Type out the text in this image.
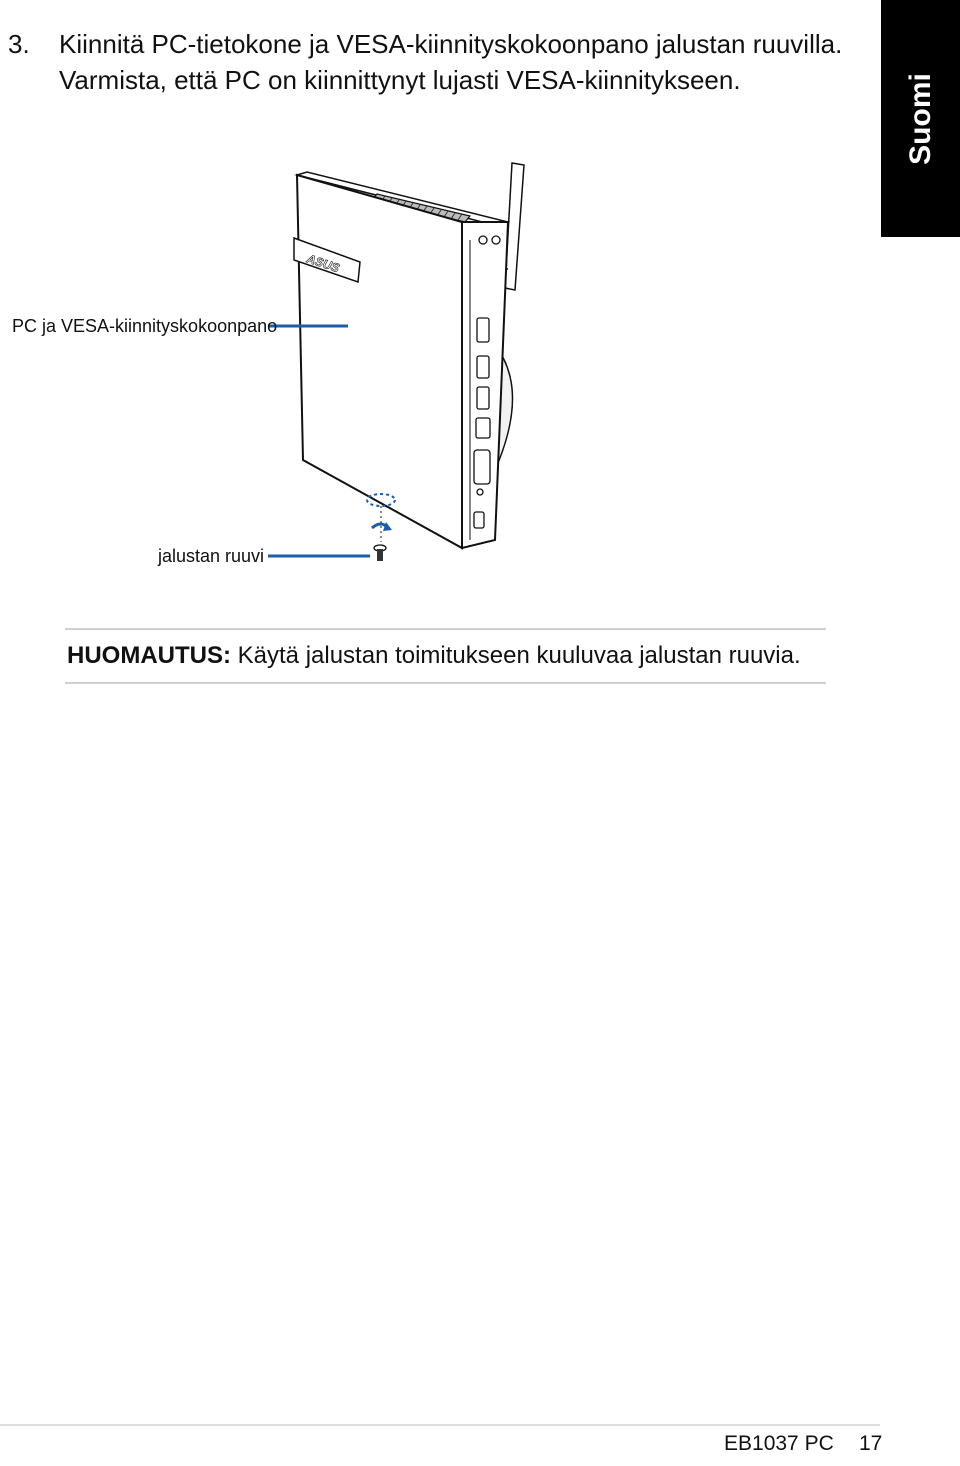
3. Kiinnitä PC-tietokone ja VESA-kiinnityskokoonpano jalustan ruuvilla. Varmista, että PC on kiinnittynyt lujasti VESA-kiinnitykseen.	Suomi
ASUS
PC ja VESA-kiinnityskokoonpano
jalustan ruuvi
HUOMAUTUS: Käytä jalustan toimitukseen kuuluvaa jalustan ruuvia.
EB1037 PC 17
